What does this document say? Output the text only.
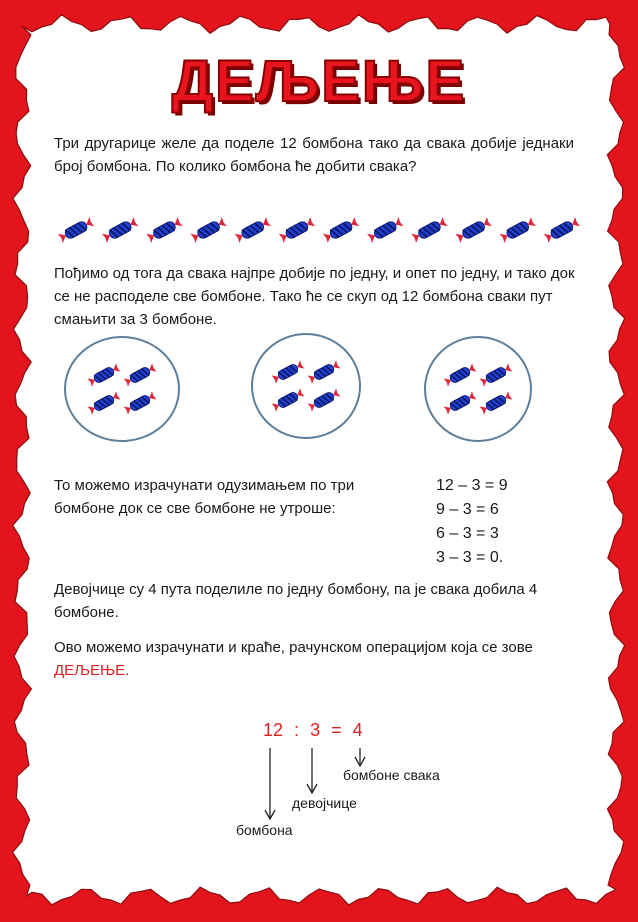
ДЕЉЕЊЕ
Три другарице желе да поделе 12 бомбона тако да свака добије једнаки број бомбона. По колико бомбона ће добити свака?
Пођимо од тога да свака најпре добије по једну, и опет по једну, и тако док се не расподеле све бомбоне. Тако ће се скуп од 12 бомбона сваки пут смањити за 3 бомбоне.
То можемо израчунати одузимањем по три бомбоне док се све бомбоне не утроше:
12 – 3 = 9
9 – 3 = 6
6 – 3 = 3
3 – 3 = 0.
Девојчице су 4 пута поделиле по једну бомбону, па је свака добила 4 бомбоне.
Ово можемо израчунати и краће, рачунском операцијом која се зове ДЕЉЕЊЕ.
12 : 3 = 4
бомбоне свака
девојчице
бомбона
